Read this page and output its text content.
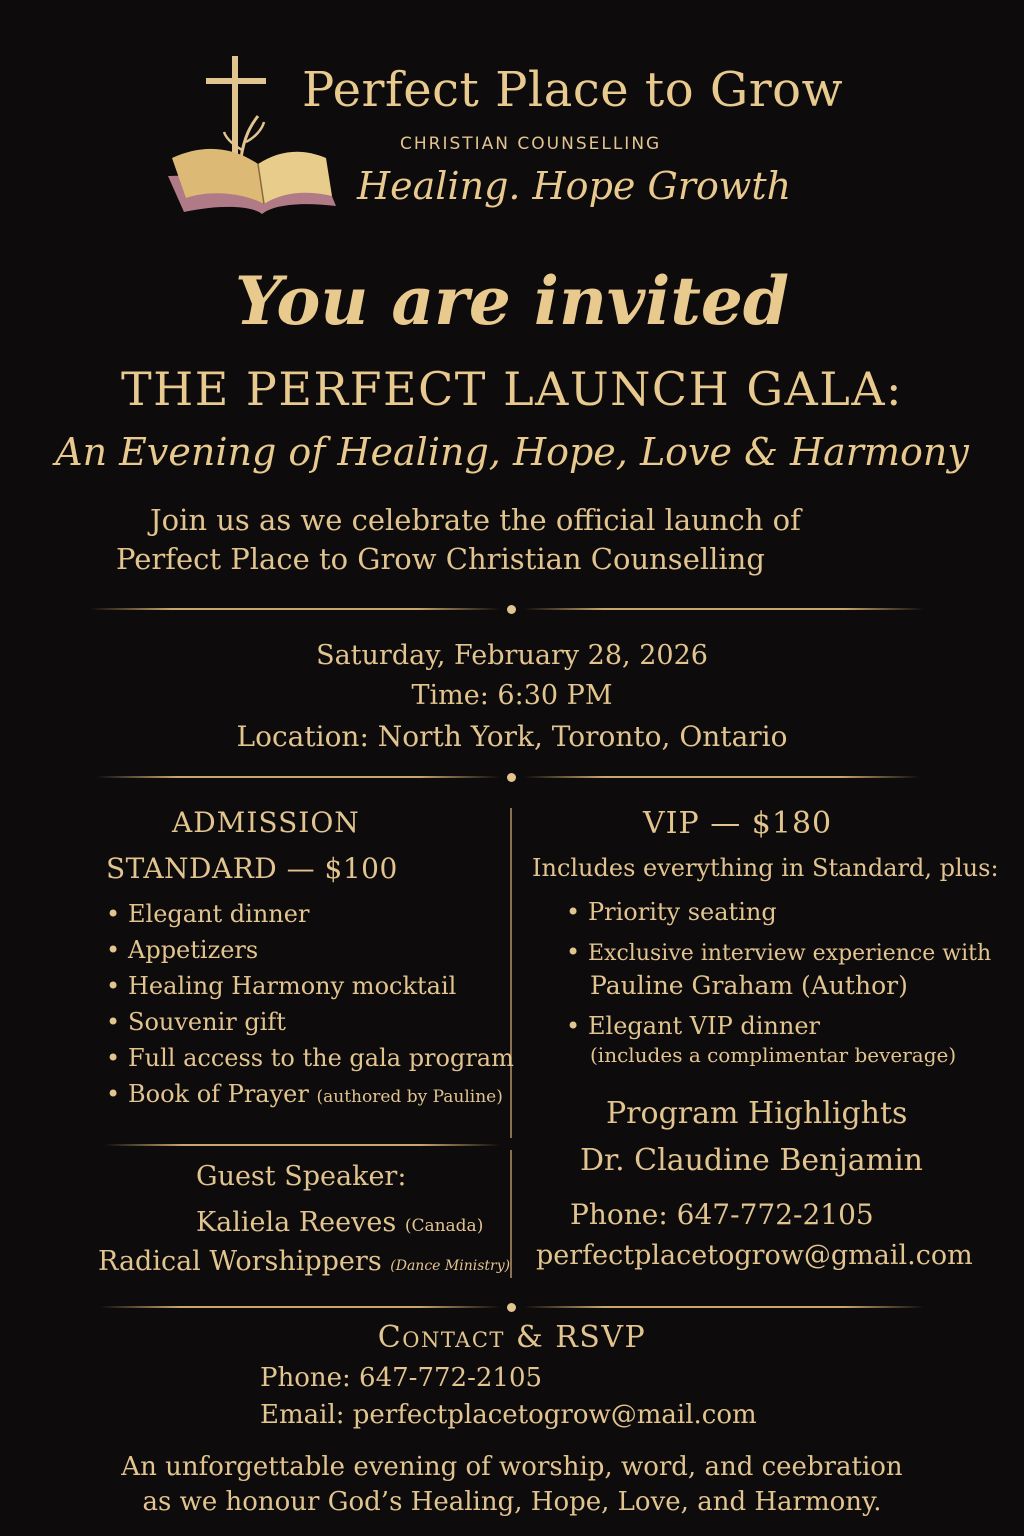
Perfect Place to Grow
CHRISTIAN COUNSELLING
Healing. Hope Growth
You are invited
THE PERFECT LAUNCH GALA:
An Evening of Healing, Hope, Love & Harmony
Join us as we celebrate the official launch of
Perfect Place to Grow Christian Counselling
Saturday, February 28, 2026
Time: 6:30 PM
Location: North York, Toronto, Ontario
ADMISSION
STANDARD — $100
• Elegant dinner
• Appetizers
• Healing Harmony mocktail
• Souvenir gift
• Full access to the gala program
• Book of Prayer (authored by Pauline)
VIP — $180
Includes everything in Standard, plus:
• Priority seating
• Exclusive interview experience with
Pauline Graham (Author)
• Elegant VIP dinner
(includes a complimentar beverage)
Program Highlights
Dr. Claudine Benjamin
Phone: 647-772-2105
perfectplacetogrow@gmail.com
Guest Speaker:
Kaliela Reeves (Canada)
Radical Worshippers (Dance Ministry)
Contact & RSVP
Phone: 647-772-2105
Email: perfectplacetogrow@mail.com
An unforgettable evening of worship, word, and ceebration
as we honour God’s Healing, Hope, Love, and Harmony.
